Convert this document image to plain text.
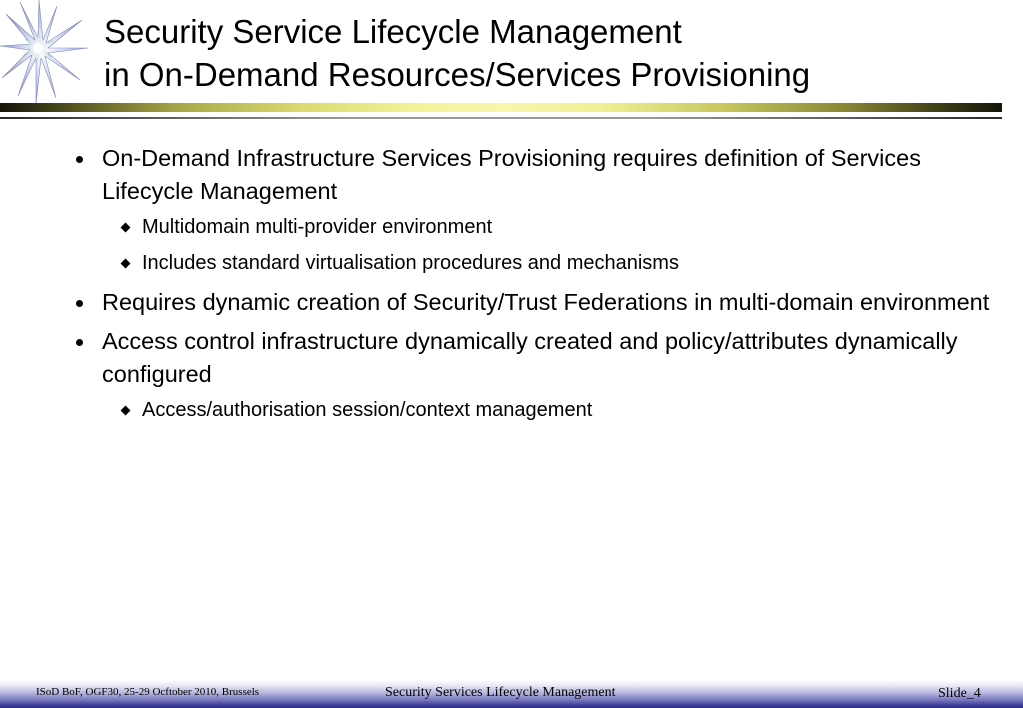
Security Service Lifecycle Management
in On-Demand Resources/Services Provisioning
On-Demand Infrastructure Services Provisioning requires definition of Services Lifecycle Management
Multidomain multi-provider environment
Includes standard virtualisation procedures and mechanisms
Requires dynamic creation of Security/Trust Federations in multi-domain environment
Access control infrastructure dynamically created and policy/attributes dynamically configured
Access/authorisation session/context management
ISoD BoF, OGF30, 25-29 Ocftober 2010, Brussels	Security Services Lifecycle Management	Slide_4
